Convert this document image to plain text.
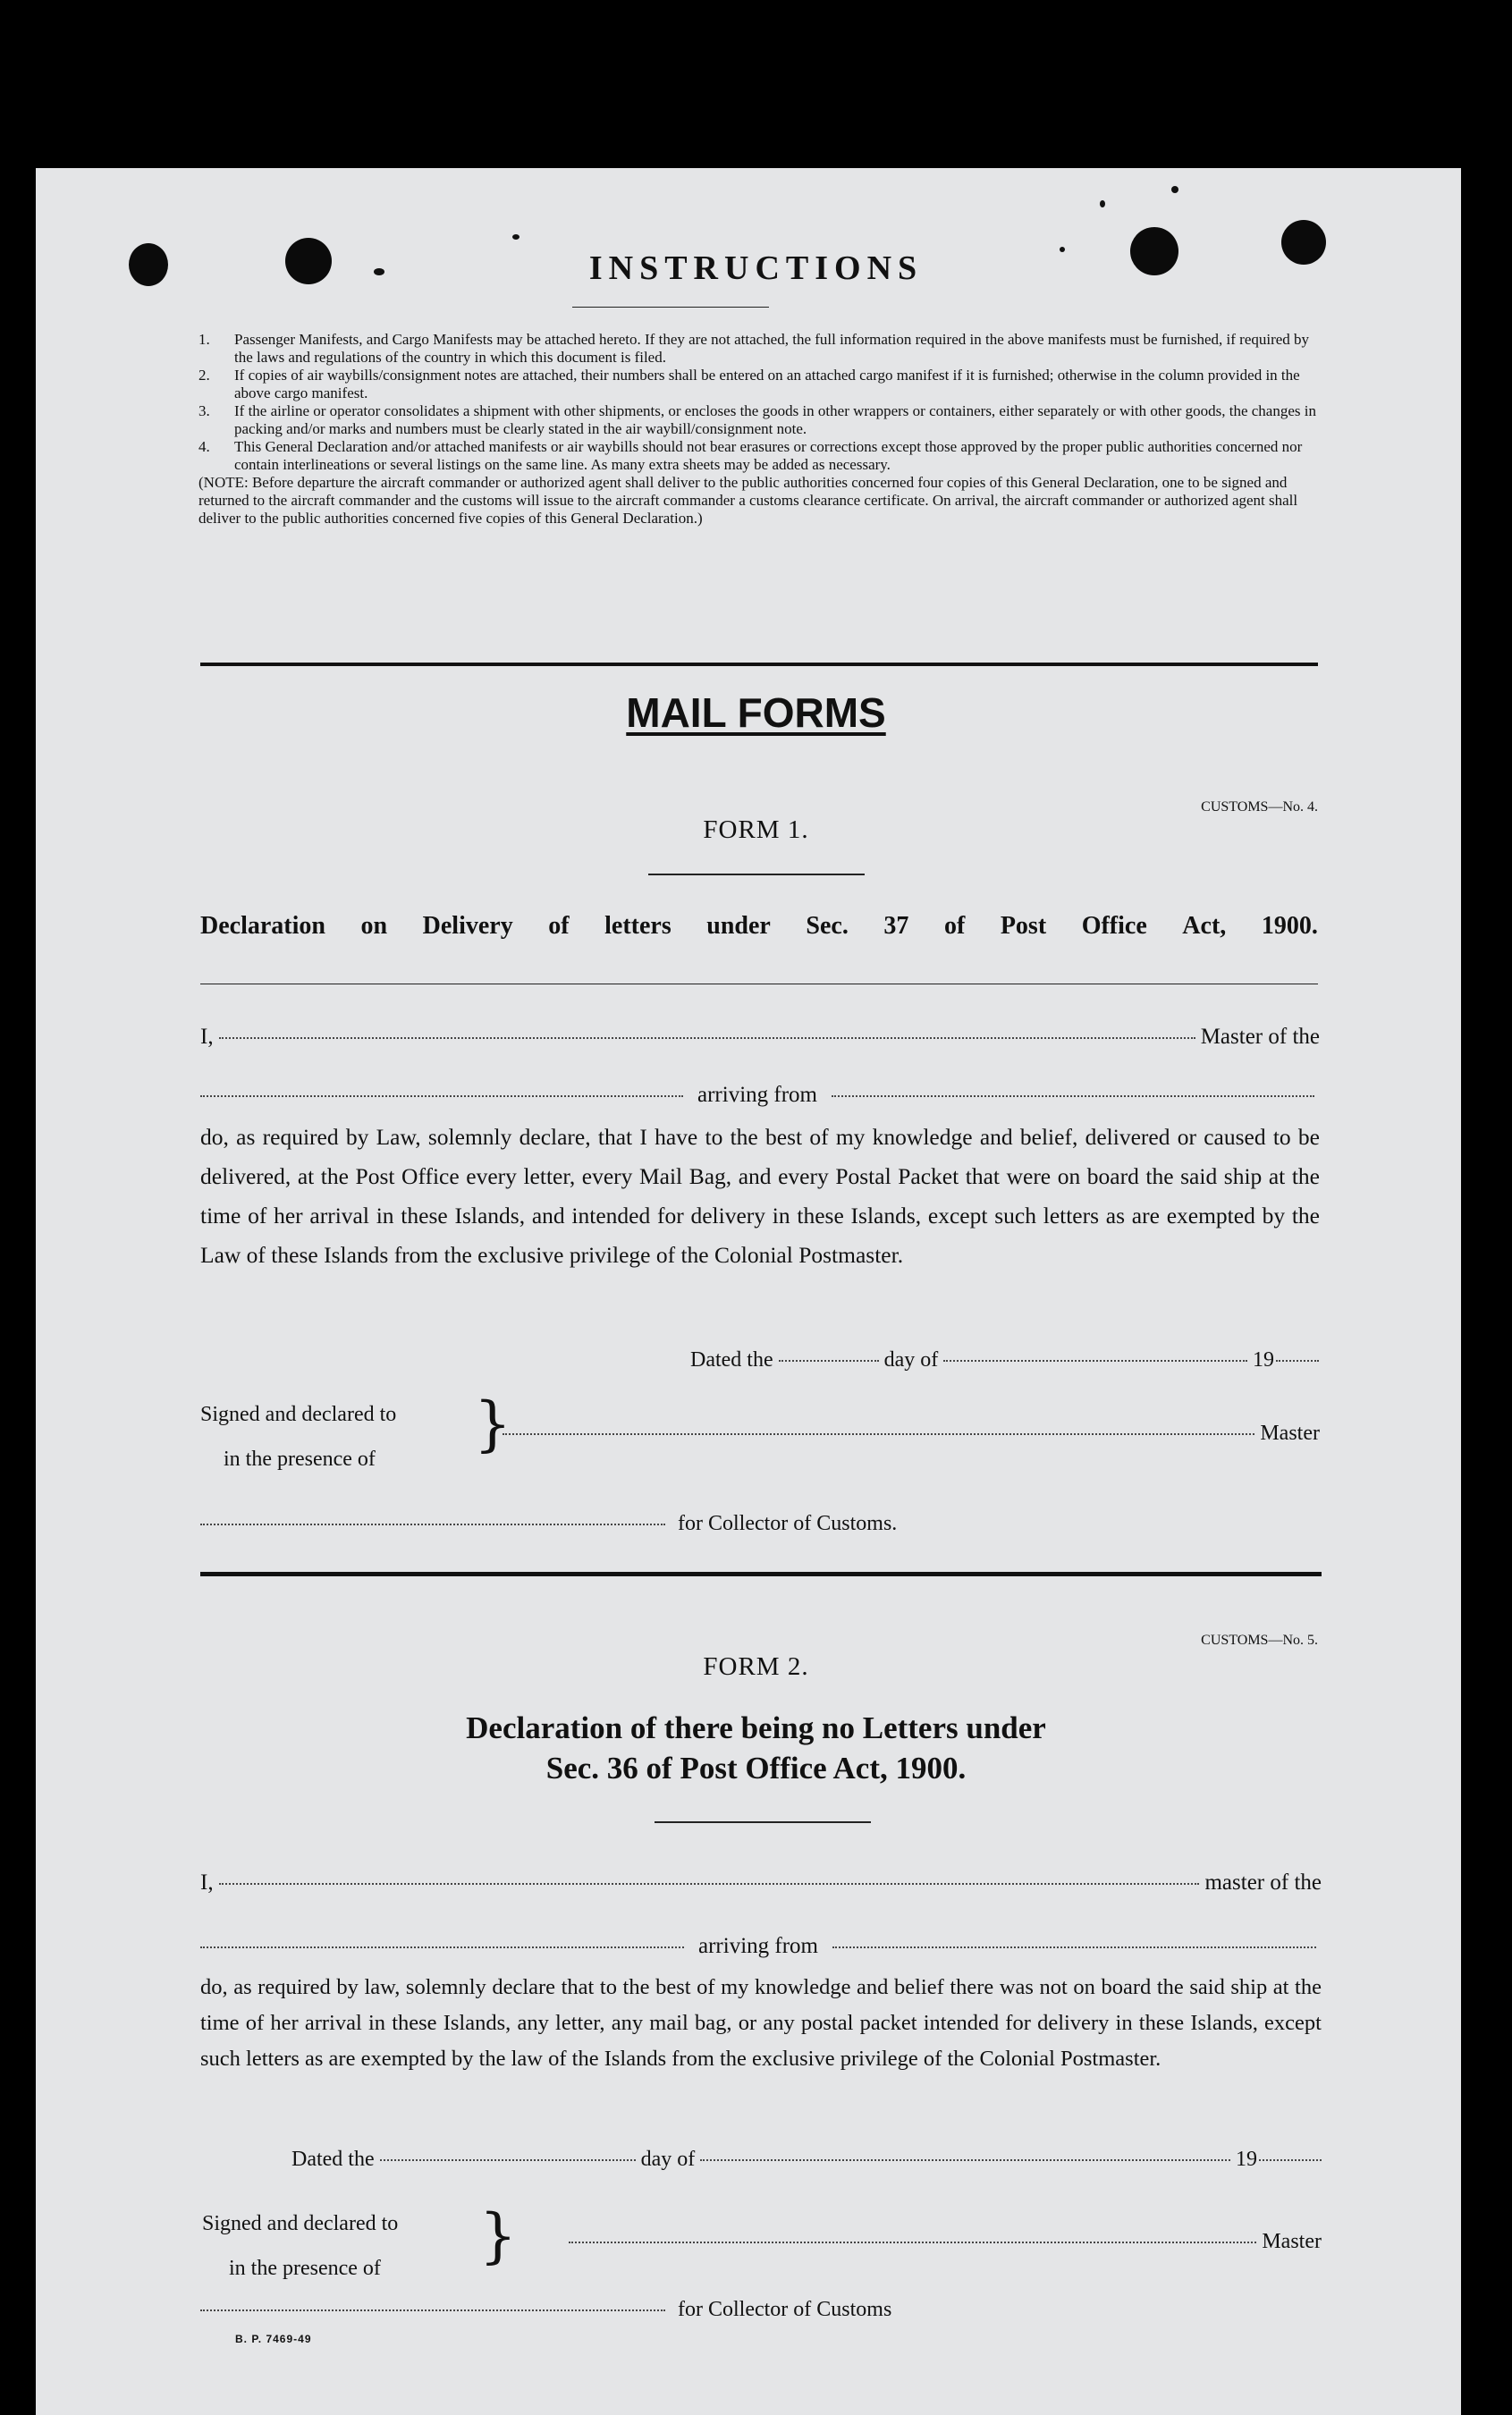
INSTRUCTIONS
1.	Passenger Manifests, and Cargo Manifests may be attached hereto. If they are not attached, the full information required in the above manifests must be furnished, if required by the laws and regulations of the country in which this document is filed.
2.	If copies of air waybills/consignment notes are attached, their numbers shall be entered on an attached cargo manifest if it is furnished; otherwise in the column provided in the above cargo manifest.
3.	If the airline or operator consolidates a shipment with other shipments, or encloses the goods in other wrappers or containers, either separately or with other goods, the changes in packing and/or marks and numbers must be clearly stated in the air waybill/consignment note.
4.	This General Declaration and/or attached manifests or air waybills should not bear erasures or corrections except those approved by the proper public authorities concerned nor contain interlineations or several listings on the same line. As many extra sheets may be added as necessary.
(NOTE: Before departure the aircraft commander or authorized agent shall deliver to the public authorities concerned four copies of this General Declaration, one to be signed and returned to the aircraft commander and the customs will issue to the aircraft commander a customs clearance certificate. On arrival, the aircraft commander or authorized agent shall deliver to the public authorities concerned five copies of this General Declaration.)
MAIL FORMS
CUSTOMS—No. 4.
FORM 1.
Declaration on Delivery of letters under Sec. 37 of Post Office Act, 1900.
I,	Master of the
arriving from
do, as required by Law, solemnly declare, that I have to the best of my knowledge and belief, delivered or caused to be delivered, at the Post Office every letter, every Mail Bag, and every Postal Packet that were on board the said ship at the time of her arrival in these Islands, and intended for delivery in these Islands, except such letters as are exempted by the Law of these Islands from the exclusive privilege of the Colonial Postmaster.
Dated the	day of	19
Signed and declared to
in the presence of
}	Master
for Collector of Customs.
CUSTOMS—No. 5.
FORM 2.
Declaration of there being no Letters under
Sec. 36 of Post Office Act, 1900.
I,	master of the
arriving from
do, as required by law, solemnly declare that to the best of my knowledge and belief there was not on board the said ship at the time of her arrival in these Islands, any letter, any mail bag, or any postal packet intended for delivery in these Islands, except such letters as are exempted by the law of the Islands from the exclusive privilege of the Colonial Postmaster.
Dated the	day of	19
Signed and declared to
in the presence of	}	Master
for Collector of Customs
B. P. 7469-49
